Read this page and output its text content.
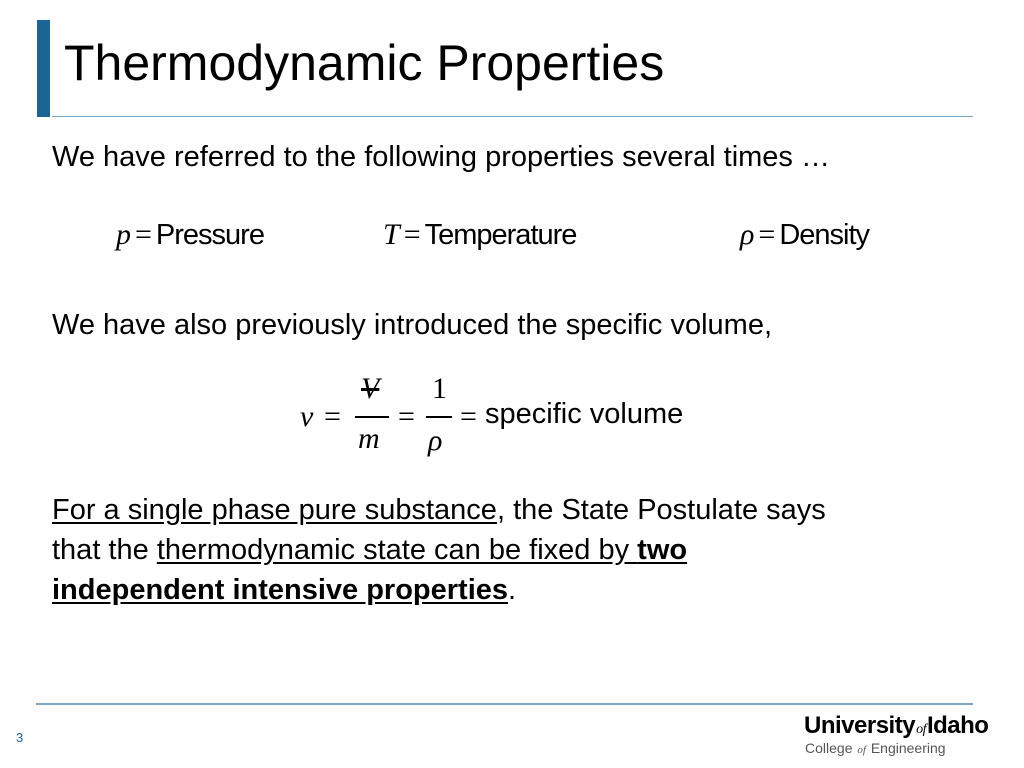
Thermodynamic Properties
We have referred to the following properties several times …
p = Pressure	T = Temperature	ρ = Density
We have also previously introduced the specific volume,
v =
V
m
=
1
ρ
= specific volume
For a single phase pure substance, the State Postulate says
that the thermodynamic state can be fixed by two
independent intensive properties.
3	UniversityofIdaho
College of Engineering
